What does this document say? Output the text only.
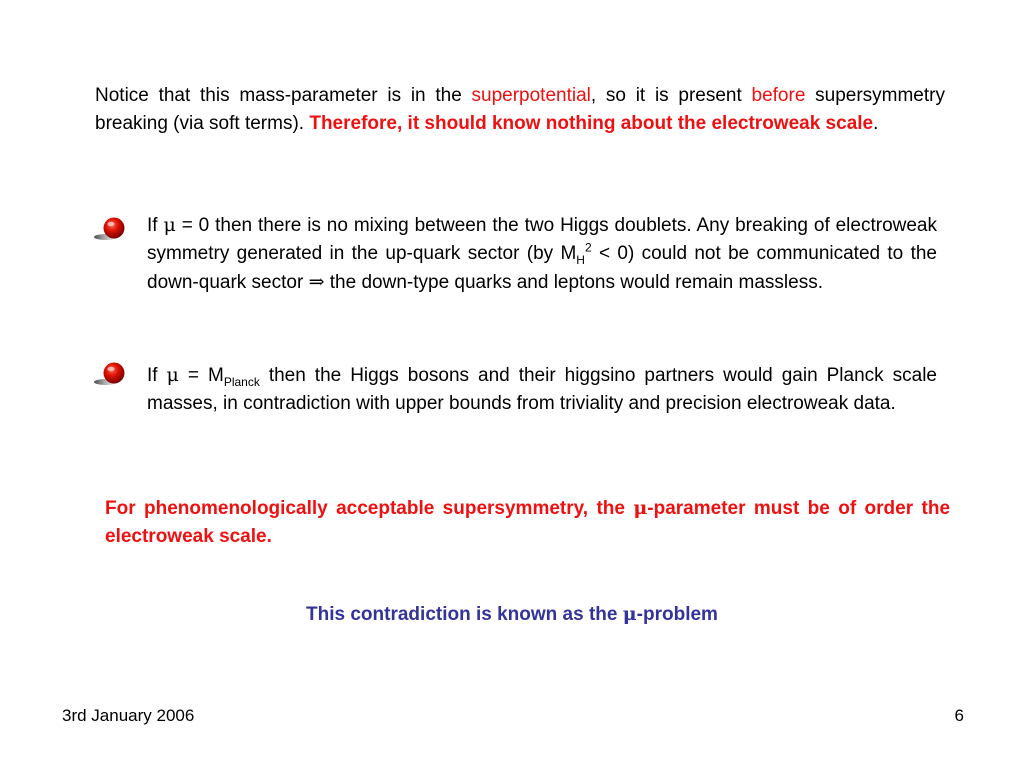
Notice that this mass-parameter is in the superpotential, so it is present before supersymmetry breaking (via soft terms). Therefore, it should know nothing about the electroweak scale.
If μ = 0 then there is no mixing between the two Higgs doublets. Any breaking of electroweak symmetry generated in the up-quark sector (by $M_H^2 < 0$) could not be communicated to the down-quark sector ⇒ the down-type quarks and leptons would remain massless.
If $\mu = M_{Planck}$ then the Higgs bosons and their higgsino partners would gain Planck scale masses, in contradiction with upper bounds from triviality and precision electroweak data.
For phenomenologically acceptable supersymmetry, the μ-parameter must be of order the electroweak scale.
This contradiction is known as the μ-problem
3rd January 2006	6
